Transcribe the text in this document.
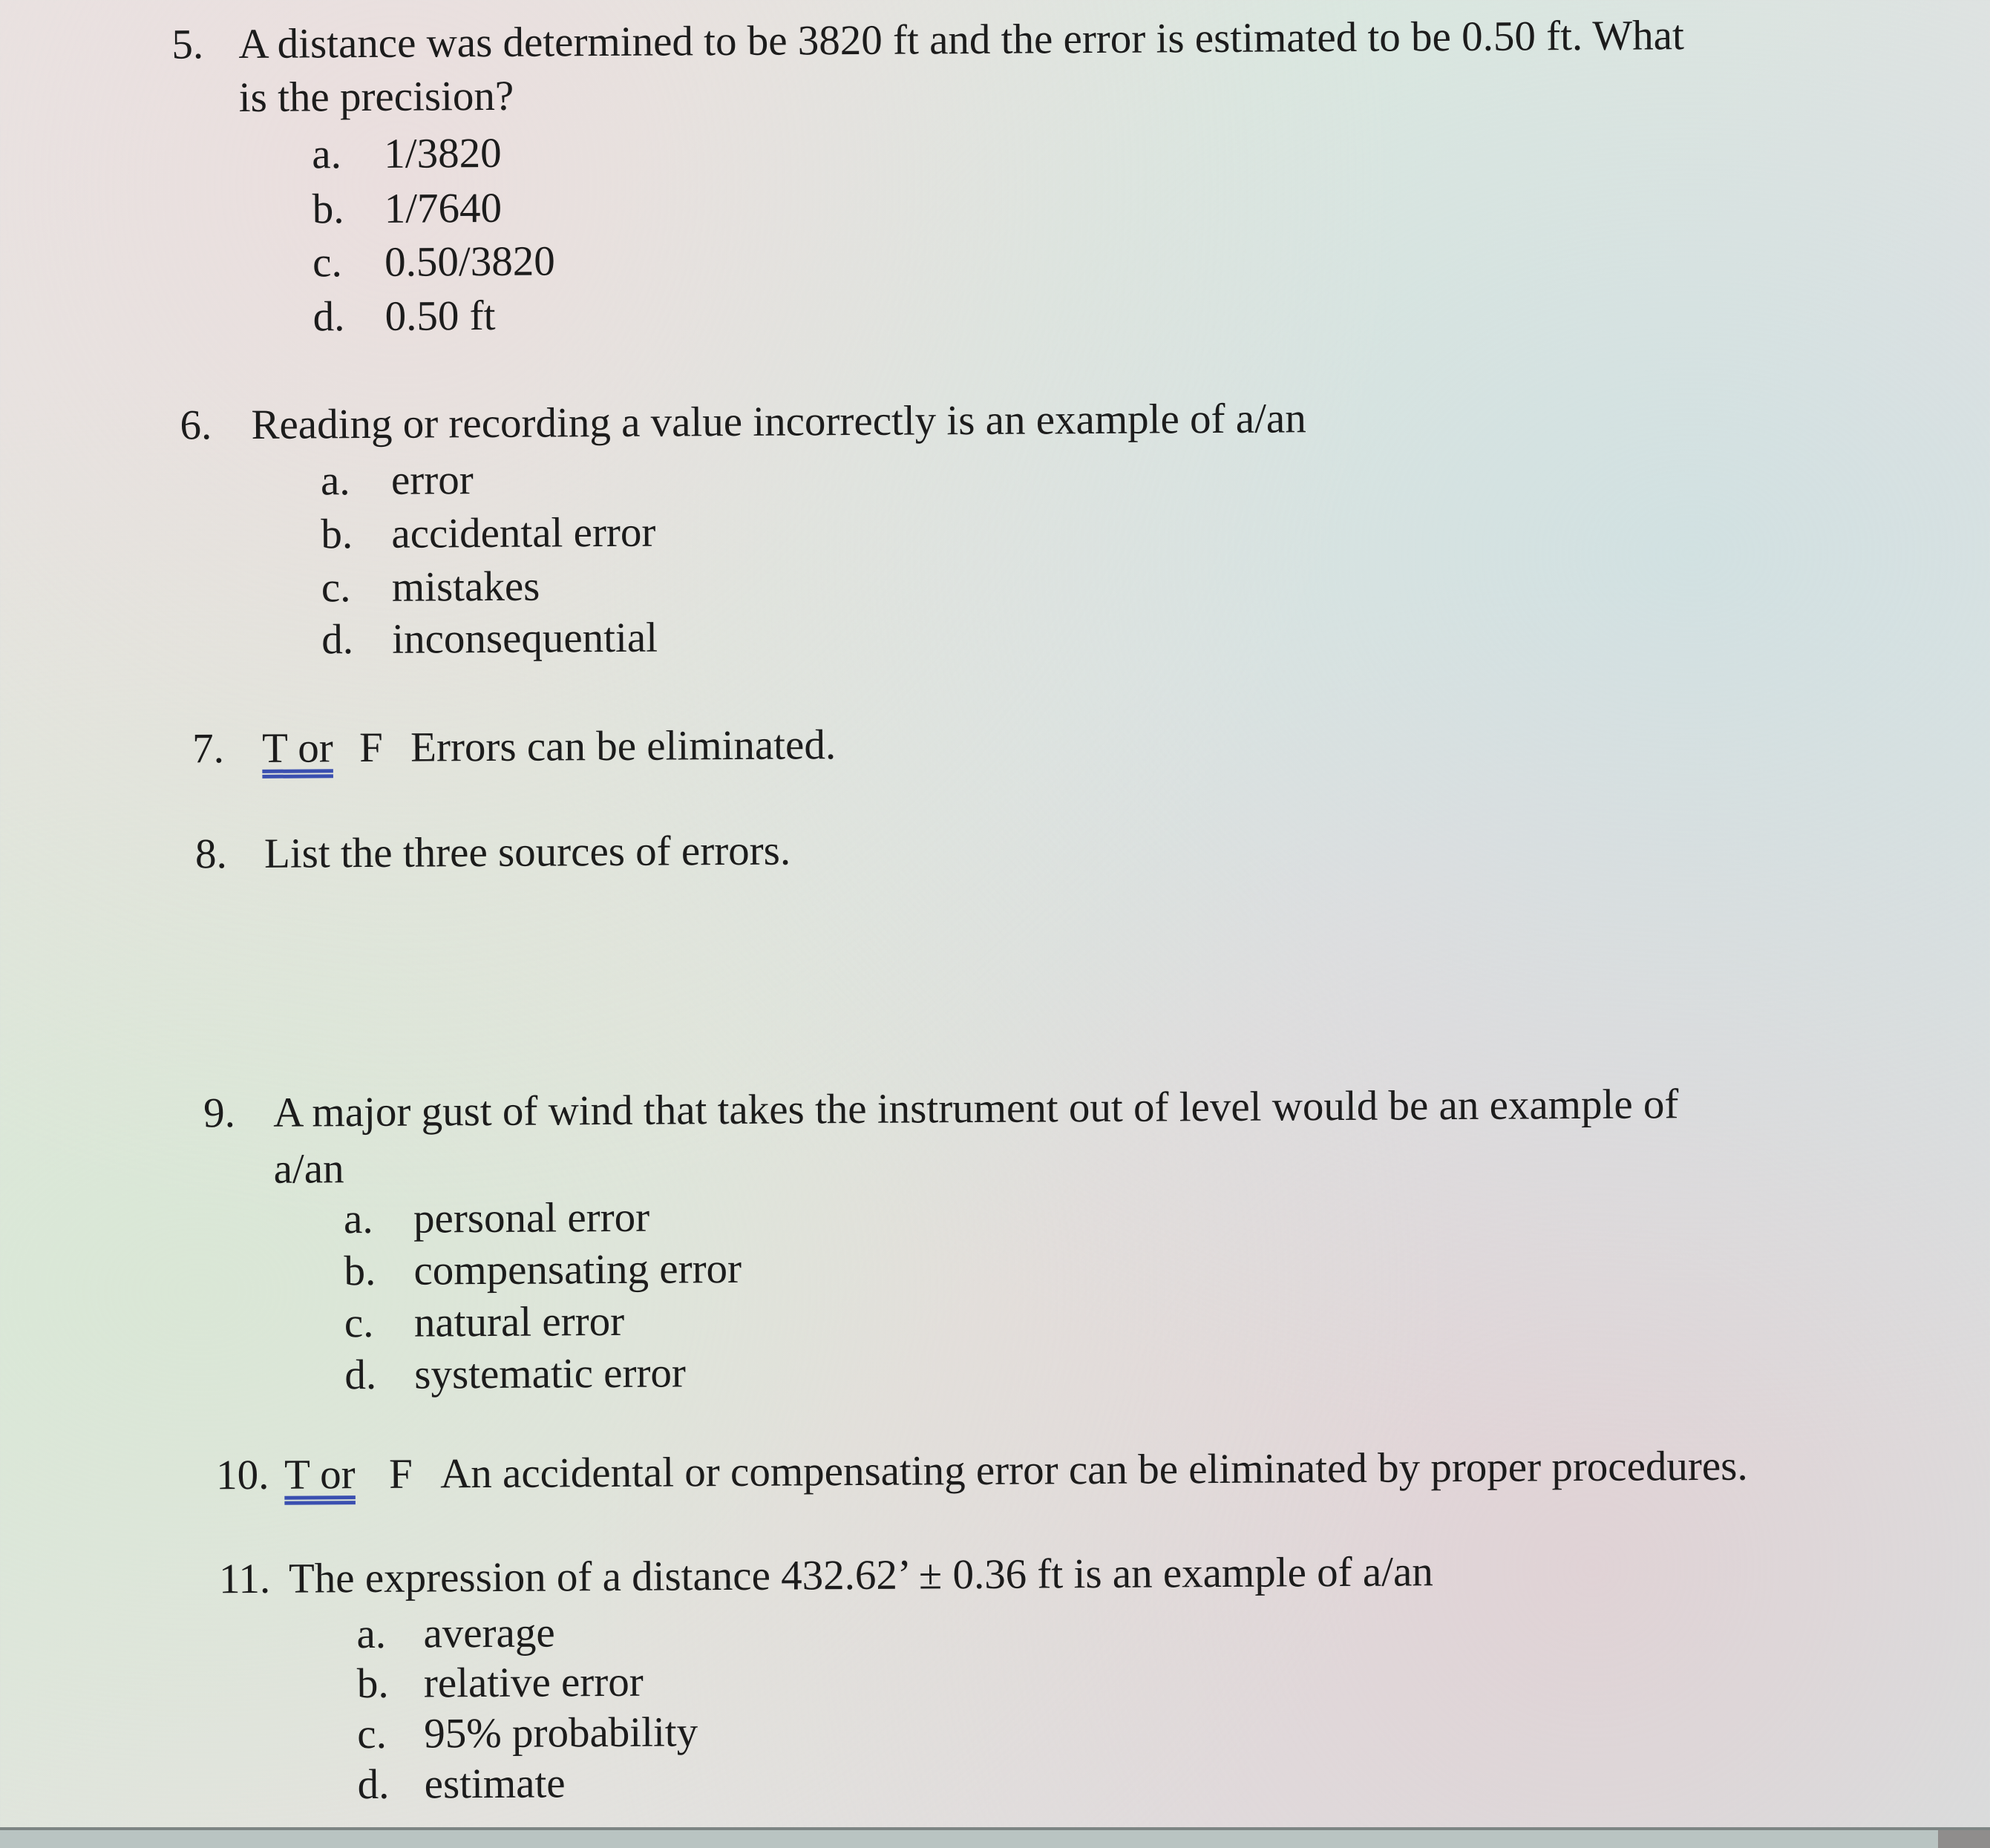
5. A distance was determined to be 3820 ft and the error is estimated to be 0.50 ft. What
is the precision?
a. 1/3820
b. 1/7640
c. 0.50/3820
d. 0.50 ft
6. Reading or recording a value incorrectly is an example of a/an
a. error
b. accidental error
c. mistakes
d. inconsequential
7. T or F Errors can be eliminated.
8. List the three sources of errors.
9. A major gust of wind that takes the instrument out of level would be an example of
a/an
a. personal error
b. compensating error
c. natural error
d. systematic error
10. T or F An accidental or compensating error can be eliminated by proper procedures.
11. The expression of a distance 432.62’ ± 0.36 ft is an example of a/an
a. average
b. relative error
c. 95% probability
d. estimate
